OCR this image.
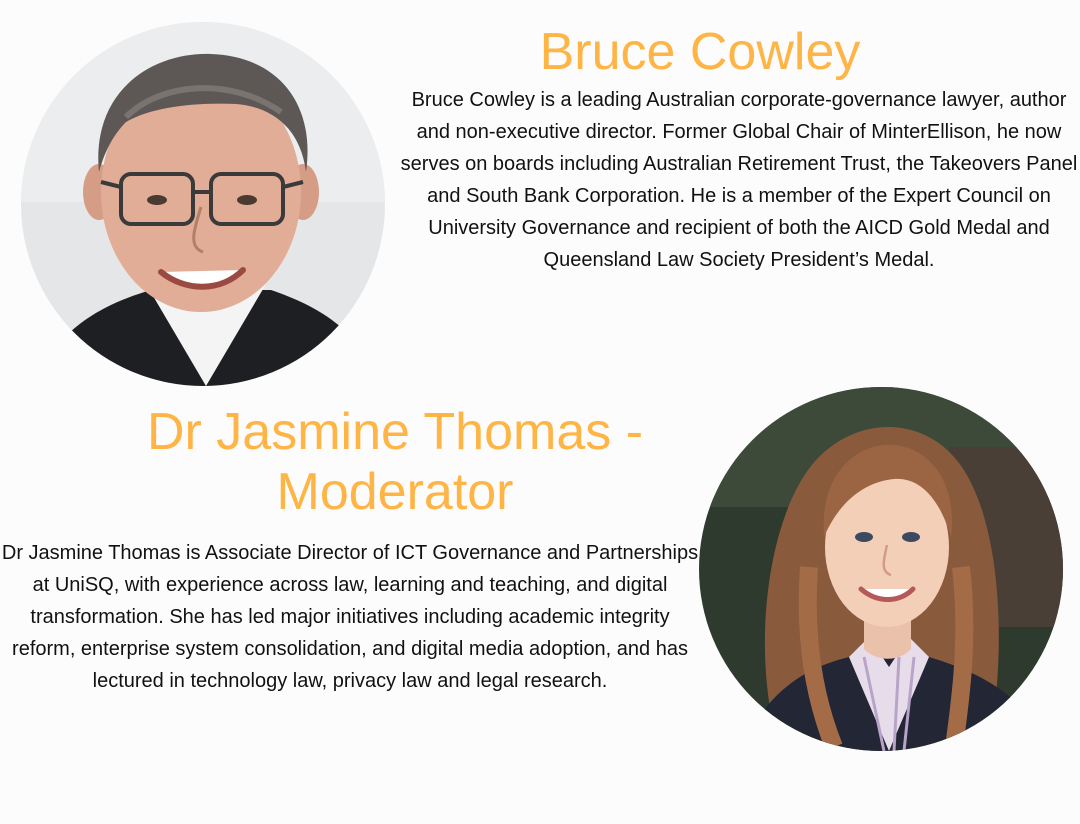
Bruce Cowley

Bruce Cowley is a leading Australian corporate-governance lawyer, author and non-executive director. Former Global Chair of MinterEllison, he now serves on boards including Australian Retirement Trust, the Takeovers Panel and South Bank Corporation. He is a member of the Expert Council on University Governance and recipient of both the AICD Gold Medal and Queensland Law Society President’s Medal.

Dr Jasmine Thomas - Moderator

Dr Jasmine Thomas is Associate Director of ICT Governance and Partnerships at UniSQ, with experience across law, learning and teaching, and digital transformation. She has led major initiatives including academic integrity reform, enterprise system consolidation, and digital media adoption, and has lectured in technology law, privacy law and legal research.
